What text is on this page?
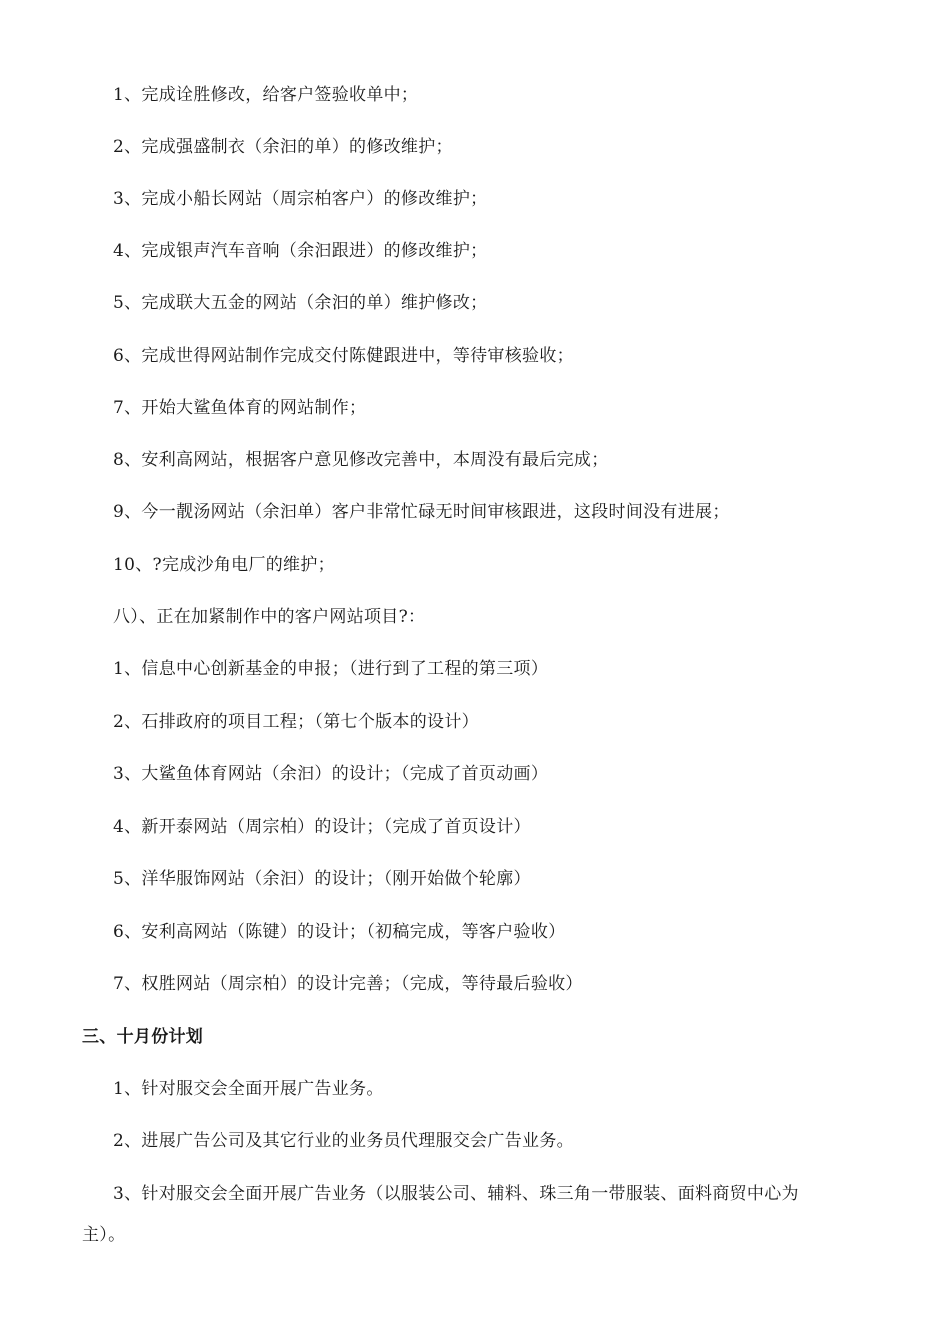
1、完成诠胜修改，给客户签验收单中；
2、完成强盛制衣（余汩的单）的修改维护；
3、完成小船长网站（周宗柏客户）的修改维护；
4、完成银声汽车音响（余汩跟进）的修改维护；
5、完成联大五金的网站（余汩的单）维护修改；
6、完成世得网站制作完成交付陈健跟进中，等待审核验收；
7、开始大鲨鱼体育的网站制作；
8、安利高网站，根据客户意见修改完善中，本周没有最后完成；
9、今一靓汤网站（余汩单）客户非常忙碌无时间审核跟进，这段时间没有进展；
10、?完成沙角电厂的维护；
八）、正在加紧制作中的客户网站项目?：
1、信息中心创新基金的申报；（进行到了工程的第三项）
2、石排政府的项目工程；（第七个版本的设计）
3、大鲨鱼体育网站（余汩）的设计；（完成了首页动画）
4、新开泰网站（周宗柏）的设计；（完成了首页设计）
5、洋华服饰网站（余汩）的设计；（刚开始做个轮廓）
6、安利高网站（陈键）的设计；（初稿完成，等客户验收）
7、权胜网站（周宗柏）的设计完善；（完成，等待最后验收）
三、十月份计划
1、针对服交会全面开展广告业务。
2、进展广告公司及其它行业的业务员代理服交会广告业务。
3、针对服交会全面开展广告业务（以服装公司、辅料、珠三角一带服装、面料商贸中心为
主）。
